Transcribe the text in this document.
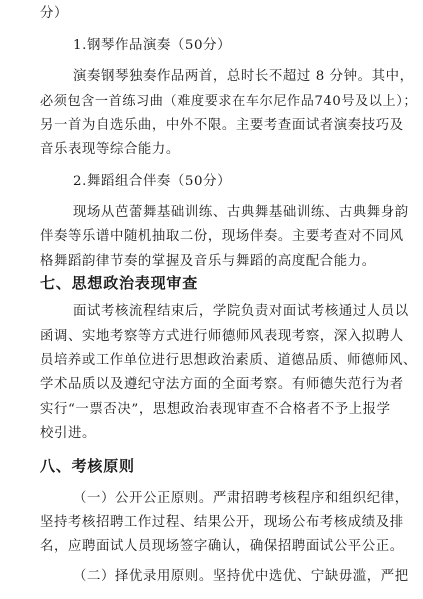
分）
1.钢琴作品演奏（50分）
演奏钢琴独奏作品两首，总时长不超过 8 分钟。其中，
必须包含一首练习曲（难度要求在车尔尼作品740号及以上）；
另一首为自选乐曲，中外不限。主要考查面试者演奏技巧及
音乐表现等综合能力。
2.舞蹈组合伴奏（50分）
现场从芭蕾舞基础训练、古典舞基础训练、古典舞身韵
伴奏等乐谱中随机抽取二份，现场伴奏。主要考查对不同风
格舞蹈韵律节奏的掌握及音乐与舞蹈的高度配合能力。
七、思想政治表现审查
面试考核流程结束后，学院负责对面试考核通过人员以
函调、实地考察等方式进行师德师风表现考察，深入拟聘人
员培养或工作单位进行思想政治素质、道德品质、师德师风、
学术品质以及遵纪守法方面的全面考察。有师德失范行为者
实行“一票否决”，思想政治表现审查不合格者不予上报学
校引进。
八、考核原则
（一）公开公正原则。严肃招聘考核程序和组织纪律，
坚持考核招聘工作过程、结果公开，现场公布考核成绩及排
名，应聘面试人员现场签字确认，确保招聘面试公平公正。
（二）择优录用原则。坚持优中选优、宁缺毋滥，严把
